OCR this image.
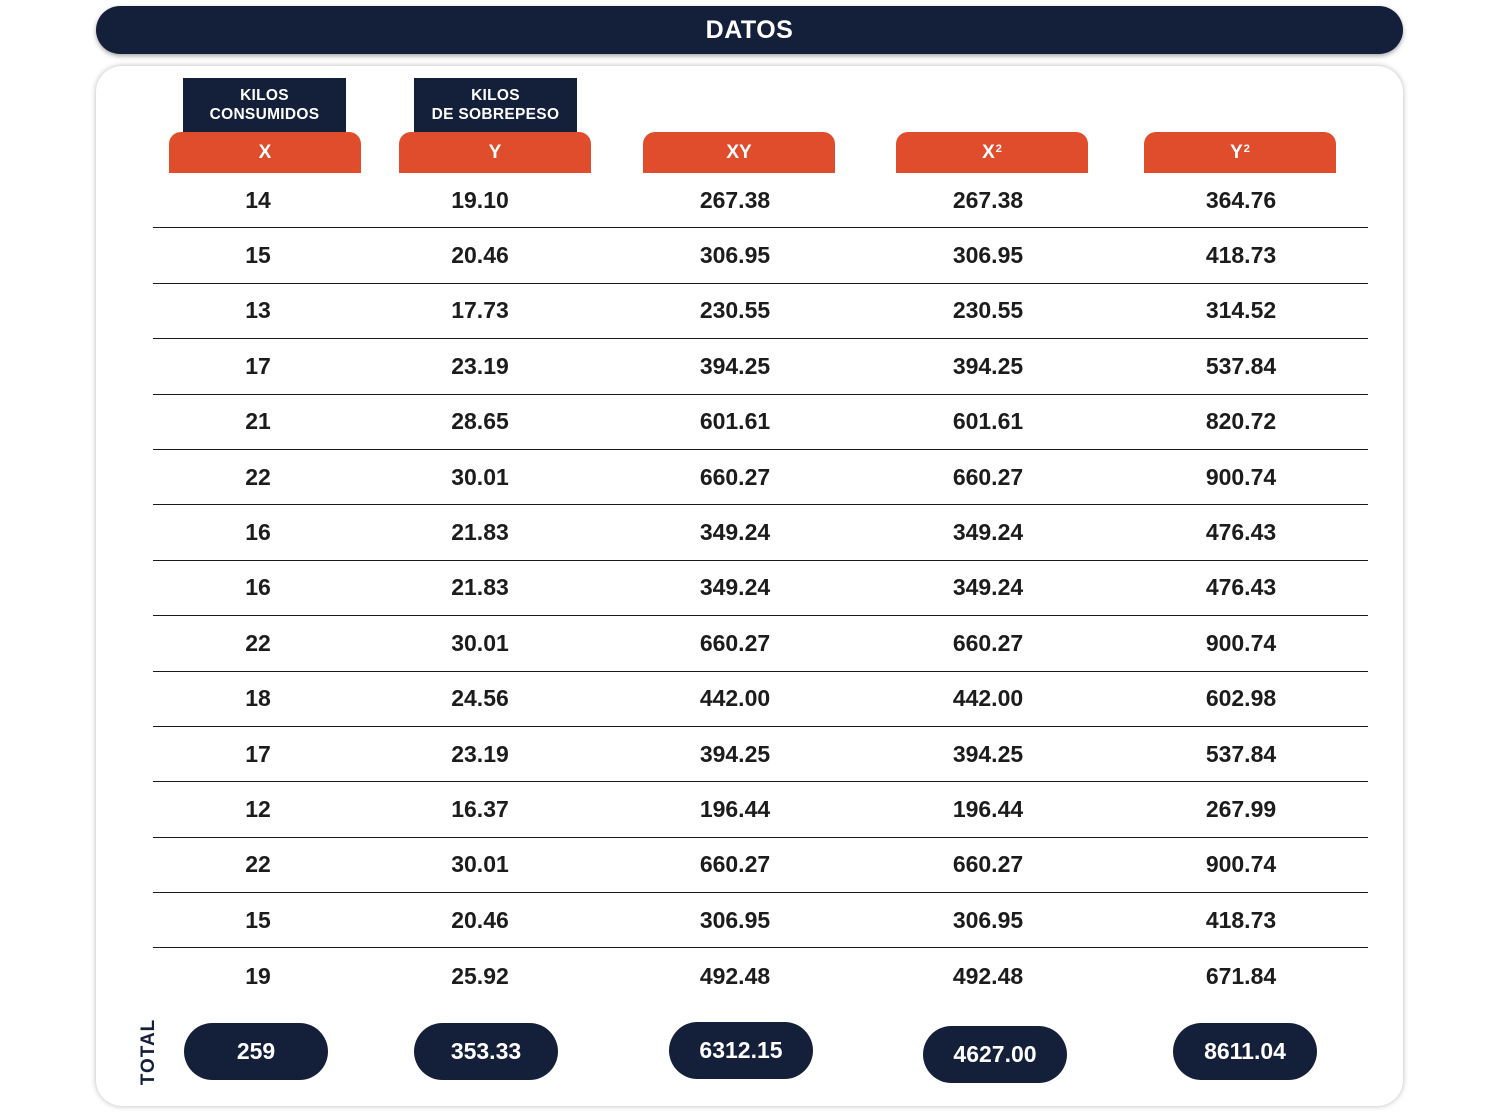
DATOS
KILOS
CONSUMIDOS
KILOS
DE SOBREPESO
X	Y	XY	$X^2$	$Y^2$
14	19.10	267.38	267.38	364.76
15	20.46	306.95	306.95	418.73
13	17.73	230.55	230.55	314.52
17	23.19	394.25	394.25	537.84
21	28.65	601.61	601.61	820.72
22	30.01	660.27	660.27	900.74
16	21.83	349.24	349.24	476.43
16	21.83	349.24	349.24	476.43
22	30.01	660.27	660.27	900.74
18	24.56	442.00	442.00	602.98
17	23.19	394.25	394.25	537.84
12	16.37	196.44	196.44	267.99
22	30.01	660.27	660.27	900.74
15	20.46	306.95	306.95	418.73
19	25.92	492.48	492.48	671.84
TOTAL	259	353.33	6312.15	4627.00	8611.04
